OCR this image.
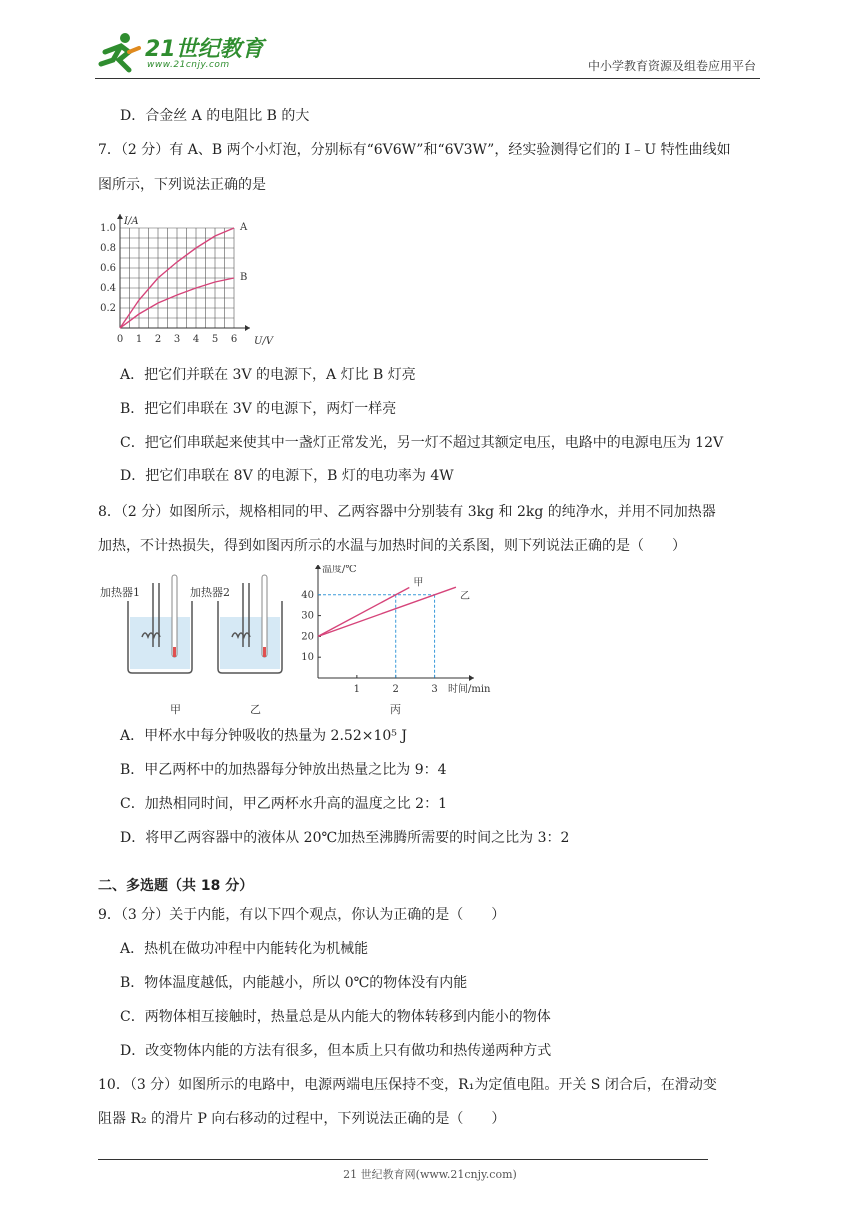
21世纪教育
www.21cnjy.com	中小学教育资源及组卷应用平台
D．合金丝 A 的电阻比 B 的大
7．（2 分）有 A、B 两个小灯泡，分别标有“6V6W”和“6V3W”，经实验测得它们的 I﹣U 特性曲线如
图所示，下列说法正确的是
I/A
U/V
1.0
0.8
0.6
0.4
0.2
0 1 2 3 4 5 6
A
B
A．把它们并联在 3V 的电源下，A 灯比 B 灯亮
B．把它们串联在 3V 的电源下，两灯一样亮
C．把它们串联起来使其中一盏灯正常发光，另一灯不超过其额定电压，电路中的电源电压为 12V
D．把它们串联在 8V 的电源下，B 灯的电功率为 4W
8．（2 分）如图所示，规格相同的甲、乙两容器中分别装有 3kg 和 2kg 的纯净水，并用不同加热器
加热，不计热损失，得到如图丙所示的水温与加热时间的关系图，则下列说法正确的是（　　）
加热器1	加热器2
甲	乙	丙
温度/℃
时间/min
40
30
20
10
1	2	3
甲
乙
A．甲杯水中每分钟吸收的热量为 2.52×10⁵ J
B．甲乙两杯中的加热器每分钟放出热量之比为 9：4
C．加热相同时间，甲乙两杯水升高的温度之比 2：1
D．将甲乙两容器中的液体从 20℃加热至沸腾所需要的时间之比为 3：2
二、多选题（共 18 分）
9．（3 分）关于内能，有以下四个观点，你认为正确的是（　　）
A．热机在做功冲程中内能转化为机械能
B．物体温度越低，内能越小，所以 0℃的物体没有内能
C．两物体相互接触时，热量总是从内能大的物体转移到内能小的物体
D．改变物体内能的方法有很多，但本质上只有做功和热传递两种方式
10．（3 分）如图所示的电路中，电源两端电压保持不变，R₁为定值电阻。开关 S 闭合后，在滑动变
阻器 R₂ 的滑片 P 向右移动的过程中，下列说法正确的是（　　）
21 世纪教育网(www.21cnjy.com)
